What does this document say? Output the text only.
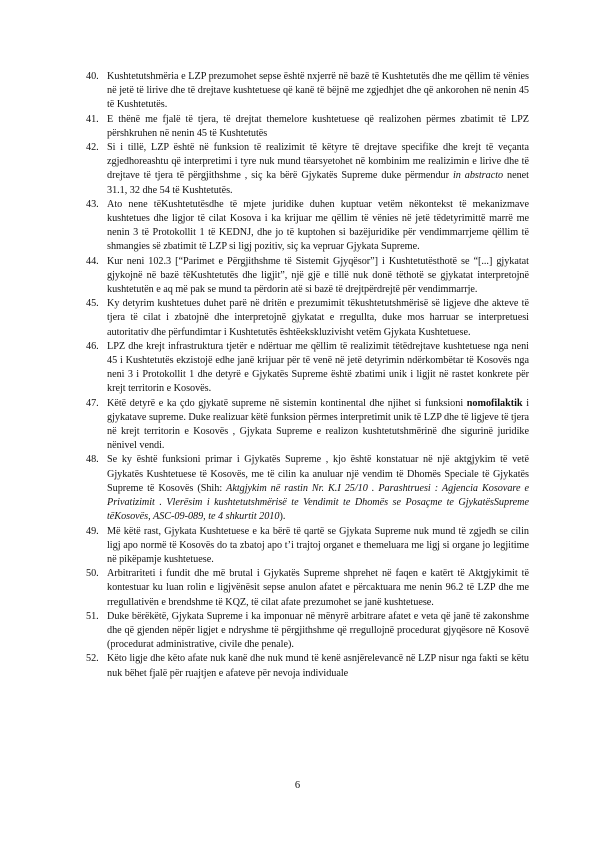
40. Kushtetutshmëria e LZP prezumohet sepse është nxjerrë në bazë të Kushtetutës dhe me qëllim të vënies në jetë të lirive dhe të drejtave kushtetuese që kanë të bëjnë me zgjedhjet dhe që ankorohen në nenin 45 të Kushtetutës.

41. E thënë me fjalë të tjera, të drejtat themelore kushtetuese që realizohen përmes zbatimit të LPZ përshkruhen në nenin 45 të Kushtetutës

42. Si i tillë, LZP është në funksion të realizimit të këtyre të drejtave specifike dhe krejt të veçanta zgjedhoreashtu që interpretimi i tyre nuk mund tëarsyetohet në kombinim me realizimin e lirive dhe të drejtave të tjera të përgjithshme , siç ka bërë Gjykatës Supreme duke përmendur in abstracto nenet 31.1, 32 dhe 54 të Kushtetutës.

43. Ato nene tëKushtetutësdhe të mjete juridike duhen kuptuar vetëm nëkontekst të mekanizmave kushtetues dhe ligjor të cilat Kosova i ka krijuar me qëllim të vënies në jetë tëdetyrimittë marrë me nenin 3 të Protokollit 1 të KEDNJ, dhe jo të kuptohen si bazëjuridike për vendimmarrjeme qëllim të shmangies së zbatimit të LZP si ligj pozitiv, siç ka vepruar Gjykata Supreme.

44. Kur neni 102.3 [“Parimet e Përgjithshme të Sistemit Gjyqësor”] i Kushtetutësthotë se “[...] gjykatat gjykojnë në bazë tëKushtetutës dhe ligjit”, një gjë e tillë nuk donë tëthotë se gjykatat interpretojnë kushtetutën e aq më pak se mund ta përdorin atë si bazë të drejtpërdrejtë për vendimmarrje.

45. Ky detyrim kushtetues duhet parë në dritën e prezumimit tëkushtetutshmërisë së ligjeve dhe akteve të tjera të cilat i zbatojnë dhe interpretojnë gjykatat e rregullta, duke mos harruar se interpretuesi autoritativ dhe përfundimtar i Kushtetutës ështëekskluzivisht vetëm Gjykata Kushtetuese.

46. LPZ dhe krejt infrastruktura tjetër e ndërtuar me qëllim të realizimit tëtëdrejtave kushtetuese nga neni 45 i Kushtetutës ekzistojë edhe janë krijuar për të venë në jetë detyrimin ndërkombëtar të Kosovës nga neni 3 i Protokollit 1 dhe detyrë e Gjykatës Supreme është zbatimi unik i ligjit në rastet konkrete për krejt territorin e Kosovës.

47. Këtë detyrë e ka çdo gjykatë supreme në sistemin kontinental dhe njihet si funksioni nomofilaktik i gjykatave supreme. Duke realizuar këtë funksion përmes interpretimit unik të LZP dhe të ligjeve të tjera në krejt territorin e Kosovës , Gjykata Supreme e realizon kushtetutshmërinë dhe sigurinë juridike nënivel vendi.

48. Se ky është funksioni primar i Gjykatës Supreme , kjo është konstatuar në një aktgjykim të vetë Gjykatës Kushtetuese të Kosovës, me të cilin ka anuluar një vendim të Dhomës Speciale të Gjykatës Supreme të Kosovës (Shih: Aktgjykim në rastin Nr. K.I 25/10 . Parashtruesi : Agjencia Kosovare e Privatizimit . Vlerësim i kushtetutshmërisë te Vendimit te Dhomës se Posaçme te GjykatësSupreme tëKosovës, ASC-09-089, te 4 shkurtit 2010).

49. Më këtë rast, Gjykata Kushtetuese e ka bërë të qartë se Gjykata Supreme nuk mund të zgjedh se cilin ligj apo normë të Kosovës do ta zbatoj apo t’i trajtoj organet e themeluara me ligj si organe jo legjitime në pikëpamje kushtetuese.

50. Arbitrariteti i fundit dhe më brutal i Gjykatës Supreme shprehet në faqen e katërt të Aktgjykimit të kontestuar ku luan rolin e ligjvënësit sepse anulon afatet e përcaktuara me nenin 96.2 të LZP dhe me rregullativën e brendshme të KQZ, të cilat afate prezumohet se janë kushtetuese.

51. Duke bërëkëtë, Gjykata Supreme i ka imponuar në mënyrë arbitrare afatet e veta që janë të zakonshme dhe që gjenden nëpër ligjet e ndryshme të përgjithshme që rregullojnë procedurat gjyqësore në Kosovë (procedurat administrative, civile dhe penale).

52. Këto ligje dhe këto afate nuk kanë dhe nuk mund të kenë asnjërelevancë në LZP nisur nga fakti se këtu nuk bëhet fjalë për ruajtjen e afateve për nevoja individuale

6
